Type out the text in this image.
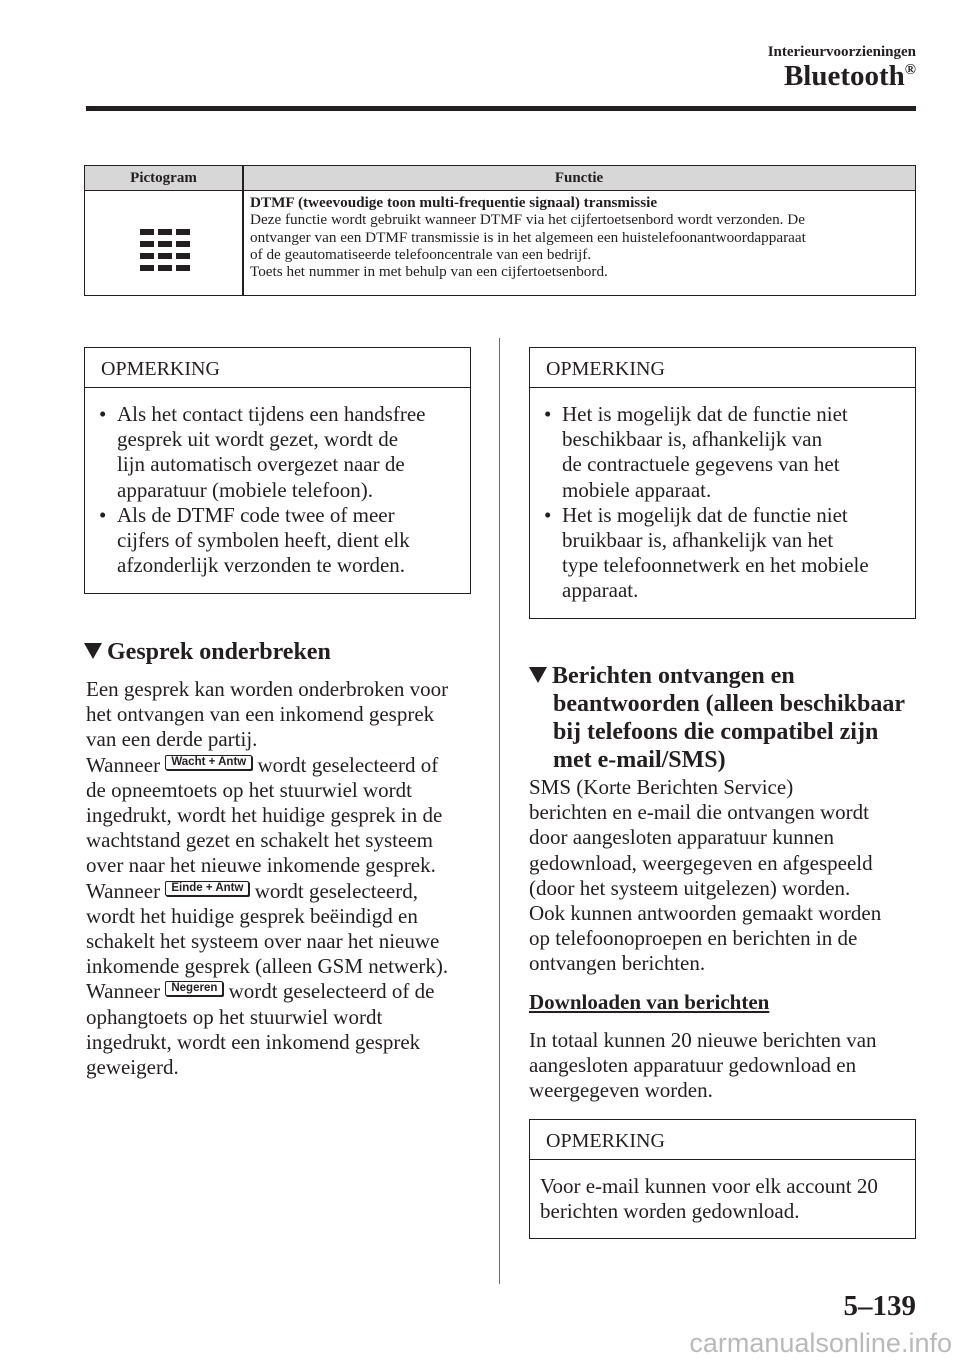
Interieurvoorzieningen
Bluetooth®
Pictogram	Functie
DTMF (tweevoudige toon multi-frequentie signaal) transmissie
Deze functie wordt gebruikt wanneer DTMF via het cijfertoetsenbord wordt verzonden. De
ontvanger van een DTMF transmissie is in het algemeen een huistelefoonantwoordapparaat
of de geautomatiseerde telefooncentrale van een bedrijf.
Toets het nummer in met behulp van een cijfertoetsenbord.
OPMERKING
• Als het contact tijdens een handsfree
gesprek uit wordt gezet, wordt de
lijn automatisch overgezet naar de
apparatuur (mobiele telefoon).
• Als de DTMF code twee of meer
cijfers of symbolen heeft, dient elk
afzonderlijk verzonden te worden.
Gesprek onderbreken
Een gesprek kan worden onderbroken voor
het ontvangen van een inkomend gesprek
van een derde partij.
Wanneer Wacht + Antw wordt geselecteerd of
de opneemtoets op het stuurwiel wordt
ingedrukt, wordt het huidige gesprek in de
wachtstand gezet en schakelt het systeem
over naar het nieuwe inkomende gesprek.
Wanneer Einde + Antw wordt geselecteerd,
wordt het huidige gesprek beëindigd en
schakelt het systeem over naar het nieuwe
inkomende gesprek (alleen GSM netwerk).
Wanneer Negeren wordt geselecteerd of de
ophangtoets op het stuurwiel wordt
ingedrukt, wordt een inkomend gesprek
geweigerd.
OPMERKING
• Het is mogelijk dat de functie niet
beschikbaar is, afhankelijk van
de contractuele gegevens van het
mobiele apparaat.
• Het is mogelijk dat de functie niet
bruikbaar is, afhankelijk van het
type telefoonnetwerk en het mobiele
apparaat.
Berichten ontvangen en
beantwoorden (alleen beschikbaar
bij telefoons die compatibel zijn
met e-mail/SMS)
SMS (Korte Berichten Service)
berichten en e-mail die ontvangen wordt
door aangesloten apparatuur kunnen
gedownload, weergegeven en afgespeeld
(door het systeem uitgelezen) worden.
Ook kunnen antwoorden gemaakt worden
op telefoonoproepen en berichten in de
ontvangen berichten.
Downloaden van berichten
In totaal kunnen 20 nieuwe berichten van
aangesloten apparatuur gedownload en
weergegeven worden.
OPMERKING
Voor e-mail kunnen voor elk account 20
berichten worden gedownload.
5–139
carmanualsonline.info
